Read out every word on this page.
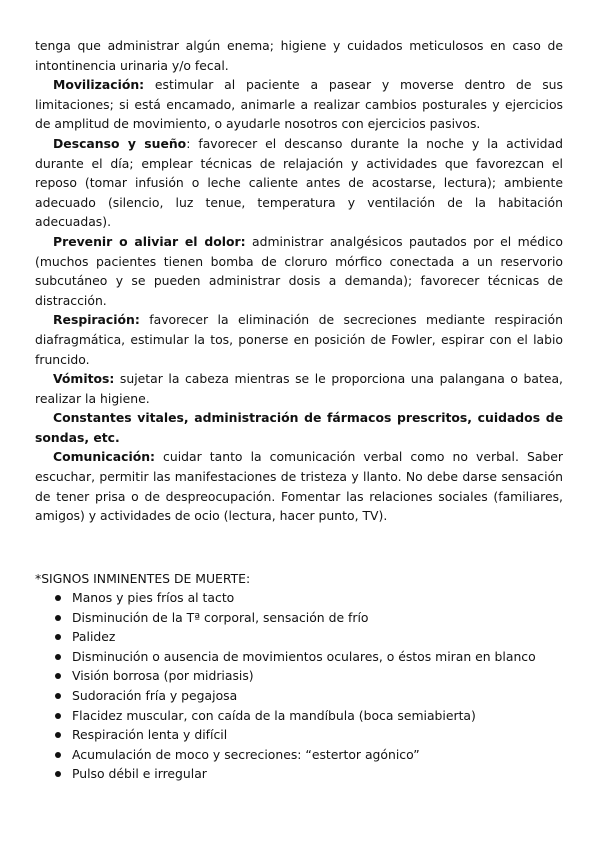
tenga que administrar algún enema; higiene y cuidados meticulosos en caso de intontinencia urinaria y/o fecal.

Movilización: estimular al paciente a pasear y moverse dentro de sus limitaciones; si está encamado, animarle a realizar cambios posturales y ejercicios de amplitud de movimiento, o ayudarle nosotros con ejercicios pasivos.

Descanso y sueño: favorecer el descanso durante la noche y la actividad durante el día; emplear técnicas de relajación y actividades que favorezcan el reposo (tomar infusión o leche caliente antes de acostarse, lectura); ambiente adecuado (silencio, luz tenue, temperatura y ventilación de la habitación adecuadas).

Prevenir o aliviar el dolor: administrar analgésicos pautados por el médico (muchos pacientes tienen bomba de cloruro mórfico conectada a un reservorio subcutáneo y se pueden administrar dosis a demanda); favorecer técnicas de distracción.

Respiración: favorecer la eliminación de secreciones mediante respiración diafragmática, estimular la tos, ponerse en posición de Fowler, espirar con el labio fruncido.

Vómitos: sujetar la cabeza mientras se le proporciona una palangana o batea, realizar la higiene.

Constantes vitales, administración de fármacos prescritos, cuidados de sondas, etc.

Comunicación: cuidar tanto la comunicación verbal como no verbal. Saber escuchar, permitir las manifestaciones de tristeza y llanto. No debe darse sensación de tener prisa o de despreocupación. Fomentar las relaciones sociales (familiares, amigos) y actividades de ocio (lectura, hacer punto, TV).

*SIGNOS INMINENTES DE MUERTE:
Manos y pies fríos al tacto
Disminución de la Tª corporal, sensación de frío
Palidez
Disminución o ausencia de movimientos oculares, o éstos miran en blanco
Visión borrosa (por midriasis)
Sudoración fría y pegajosa
Flacidez muscular, con caída de la mandíbula (boca semiabierta)
Respiración lenta y difícil
Acumulación de moco y secreciones: “estertor agónico”
Pulso débil e irregular
